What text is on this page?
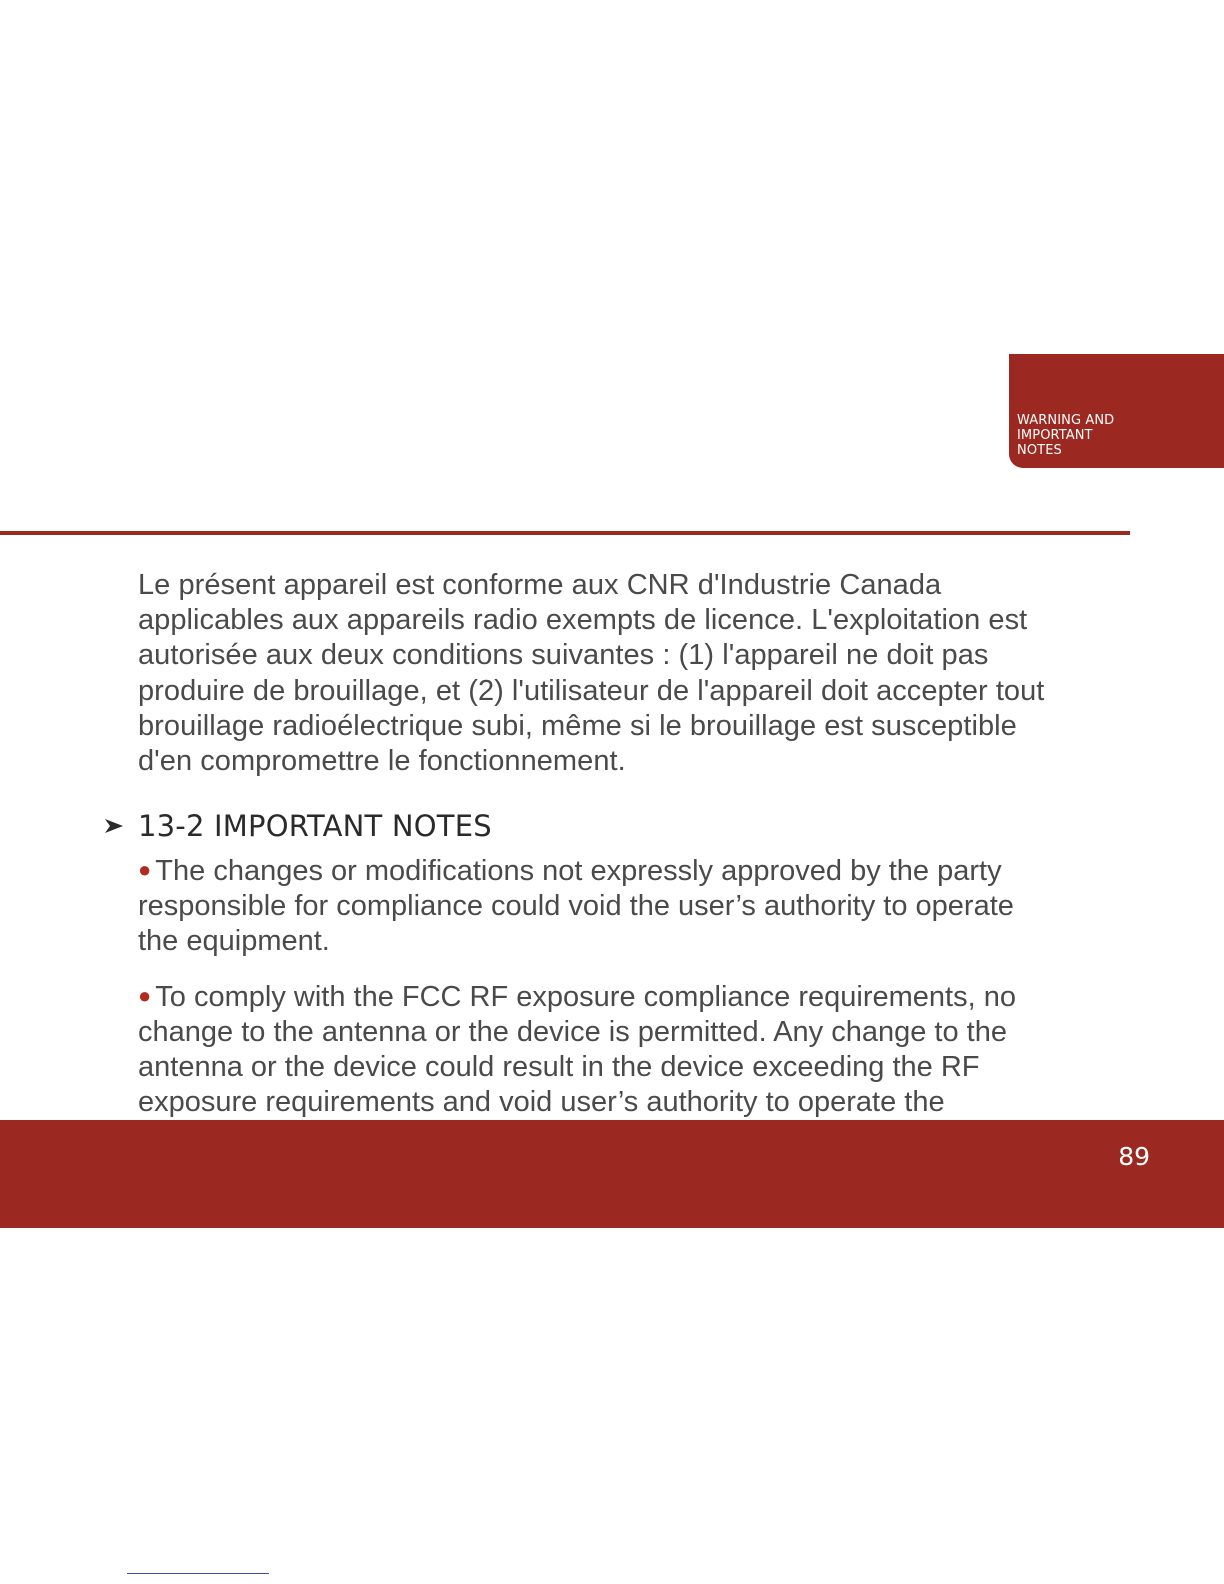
WARNING AND
IMPORTANT
NOTES

Le présent appareil est conforme aux CNR d'Industrie Canada
applicables aux appareils radio exempts de licence. L'exploitation est
autorisée aux deux conditions suivantes : (1) l'appareil ne doit pas
produire de brouillage, et (2) l'utilisateur de l'appareil doit accepter tout
brouillage radioélectrique subi, même si le brouillage est susceptible
d'en compromettre le fonctionnement.

13-2 IMPORTANT NOTES

● The changes or modifications not expressly approved by the party
responsible for compliance could void the user’s authority to operate
the equipment.

● To comply with the FCC RF exposure compliance requirements, no
change to the antenna or the device is permitted. Any change to the
antenna or the device could result in the device exceeding the RF
exposure requirements and void user’s authority to operate the

89
